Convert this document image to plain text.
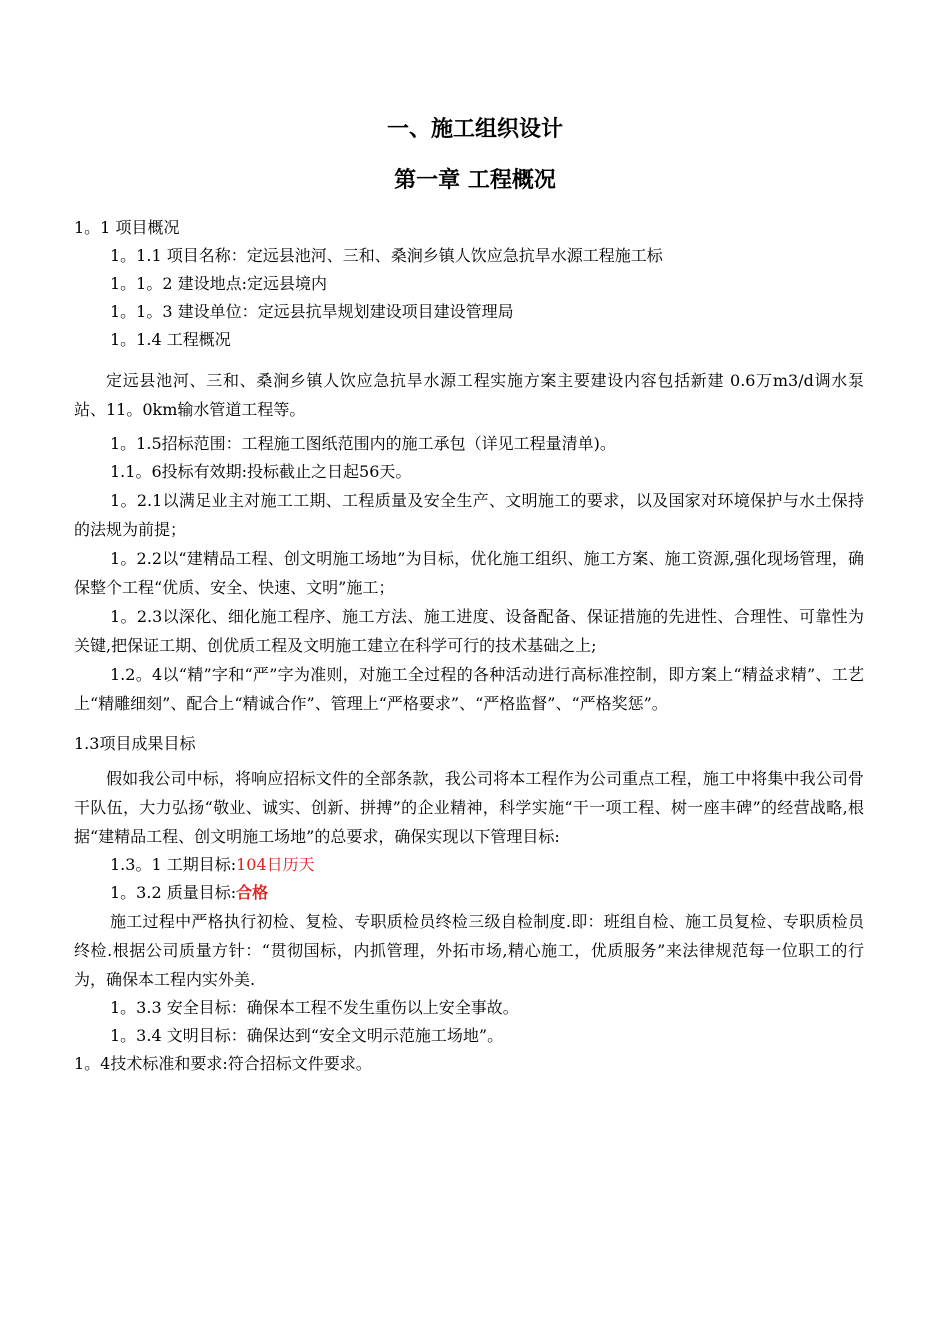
一、施工组织设计
第一章 工程概况

1。1 项目概况

1。1.1 项目名称：定远县池河、三和、桑涧乡镇人饮应急抗旱水源工程施工标

1。1。2 建设地点:定远县境内

1。1。3 建设单位：定远县抗旱规划建设项目建设管理局

1。1.4 工程概况

定远县池河、三和、桑涧乡镇人饮应急抗旱水源工程实施方案主要建设内容包括新建 0.6万m3/d调水泵站、11。0km输水管道工程等。

1。1.5招标范围：工程施工图纸范围内的施工承包（详见工程量清单)。

1.1。6投标有效期:投标截止之日起56天。

1。2.1以满足业主对施工工期、工程质量及安全生产、文明施工的要求，以及国家对环境保护与水土保持的法规为前提；

1。2.2以“建精品工程、创文明施工场地”为目标，优化施工组织、施工方案、施工资源,强化现场管理，确保整个工程“优质、安全、快速、文明”施工；

1。2.3以深化、细化施工程序、施工方法、施工进度、设备配备、保证措施的先进性、合理性、可靠性为关键,把保证工期、创优质工程及文明施工建立在科学可行的技术基础之上;

1.2。4以“精”字和“严”字为准则，对施工全过程的各种活动进行高标准控制，即方案上“精益求精”、工艺上“精雕细刻”、配合上“精诚合作”、管理上“严格要求”、“严格监督”、“严格奖惩”。

1.3项目成果目标

假如我公司中标，将响应招标文件的全部条款，我公司将本工程作为公司重点工程，施工中将集中我公司骨干队伍，大力弘扬“敬业、诚实、创新、拼搏”的企业精神，科学实施“干一项工程、树一座丰碑”的经营战略,根据“建精品工程、创文明施工场地”的总要求，确保实现以下管理目标:

1.3。1 工期目标:104日历天

1。3.2 质量目标:合格

施工过程中严格执行初检、复检、专职质检员终检三级自检制度.即：班组自检、施工员复检、专职质检员终检.根据公司质量方针：“贯彻国标，内抓管理，外拓市场,精心施工，优质服务”来法律规范每一位职工的行为，确保本工程内实外美.

1。3.3 安全目标：确保本工程不发生重伤以上安全事故。

1。3.4 文明目标：确保达到“安全文明示范施工场地”。

1。4技术标准和要求:符合招标文件要求。
